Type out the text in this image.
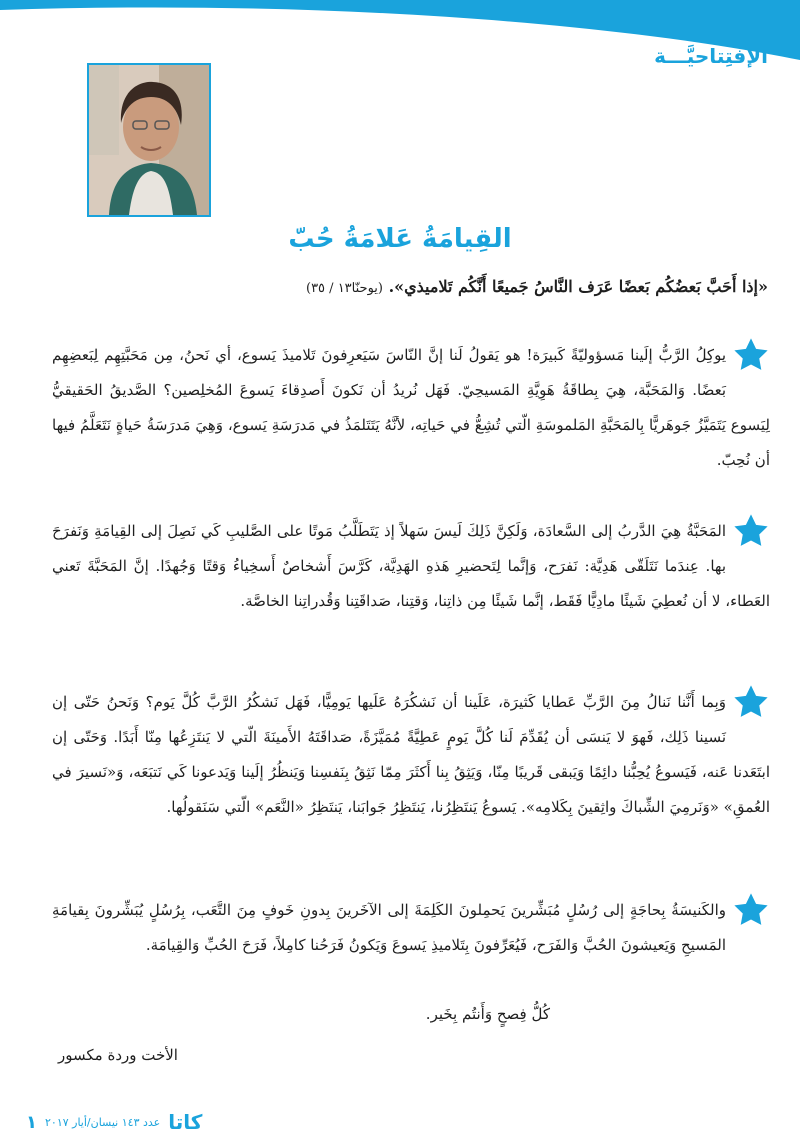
الإفتِتاحيَّـــة
القِيامَةُ عَلامَةُ حُبّ
«إذا أَحَبَّ بَعضُكُم بَعضًا عَرَف النَّاسُ جَميعًا أَنَّكُم تَلاميذي». (يوحنّا١٣ / ٣٥)

يوكِلُ الرَّبُّ إلَينا مَسؤوليّةً كَبيرَة! هو يَقولُ لَنا إنَّ النّاسَ سَيَعرِفونَ تَلاميذَ يَسوع، أي نَحنُ، مِن مَحَبَّتِهِم لِبَعضِهِم بَعضًا. وَالمَحَبَّة، هِيَ بِطاقَةُ هَوِيَّةِ المَسيحِيّ. فَهَل نُريدُ أن نَكونَ أَصدِقاءَ يَسوعَ المُخلِصين؟ الصَّديقُ الحَقيقيُّ لِيَسوع يَتَمَيَّزُ جَوهَريًّا بِالمَحَبَّةِ المَلموسَةِ الّتي تُشِعُّ في حَياتِه، لأنَّهُ يَتَتَلمَذُ في مَدرَسَةِ يَسوع، وَهِيَ مَدرَسَةُ حَياةٍ نَتَعَلَّمُ فيها أن نُحِبّ.

المَحَبَّةُ هِيَ الدَّربُ إلى السَّعادَة، وَلَكِنَّ ذَلِكَ لَيسَ سَهلاً إذ يَتَطَلَّبُ مَوتًا على الصَّليبِ كَي نَصِلَ إلى القِيامَةِ وَنَفرَحَ بها. عِندَما نَتَلَقّى هَدِيَّة: نَفرَح، وَإنَّما لِتَحضيرِ هَذهِ الهَدِيَّة، كَرَّسَ أَشخاصٌ أَسخِياءُ وَقتًا وَجُهدًا. إنَّ المَحَبَّةَ تَعني العَطاء، لا أن نُعطِيَ شَيئًا مادِيًّا فَقَط، إنَّما شَيئًا مِن ذاتِنا، وَقتِنا، صَداقَتِنا وَقُدراتِنا الخاصَّة.

وَبِما أَنَّنا نَنالُ مِنَ الرَّبِّ عَطايا كَثيرَة، عَلَينا أن نَشكُرَهُ عَلَيها يَومِيًّا، فَهَل نَشكُرُ الرَّبَّ كُلَّ يَوم؟ وَنَحنُ حَتّى إن نَسينا ذَلِك، فَهوَ لا يَنسَى أن يُقَدِّمَ لَنا كُلَّ يَومٍ عَطِيَّةً مُمَيَّزَةً، صَداقَتَهُ الأَمينَةَ الّتي لا يَنتَزِعُها مِنّا أَبَدًا. وَحَتّى إن ابتَعَدنا عَنه، فَيَسوعُ يُحِبُّنا دائِمًا وَيَبقى قَريبًا مِنّا، وَيَثِقُ بِنا أَكثَرَ مِمّا نَثِقُ بِنَفسِنا وَيَنظُرُ إلَينا وَيَدعونا كَي نَتبَعَه، وَ«نَسيرَ في العُمقِ» «وَنَرمِيَ الشِّباكَ واثِقينَ بِكَلامِه». يَسوعُ يَنتَظِرُنا، يَنتَظِرُ جَوابَنا، يَنتَظِرُ «النَّعَم» الّتي سَنَقولُها.

والكَنيسَةُ بِحاجَةٍ إلى رُسُلٍ مُبَشِّرينَ يَحمِلونَ الكَلِمَةَ إلى الآخَرينَ بِدونِ خَوفٍ مِنَ التَّعَب، بِرُسُلٍ يُبَشِّرونَ بِقيامَةِ المَسيحِ وَيَعيشونَ الحُبَّ وَالفَرَح، فَيُعَرِّفونَ بِتَلاميذِ يَسوعَ وَيَكونُ فَرَحُنا كامِلاً، فَرَحَ الحُبِّ وَالقِيامَة.

كُلُّ فِصحٍ وَأَنتُم بِخَير.

الأخت وردة مكسور

كاتا
عدد ١٤٣ نيسان/أيار ٢٠١٧
١
